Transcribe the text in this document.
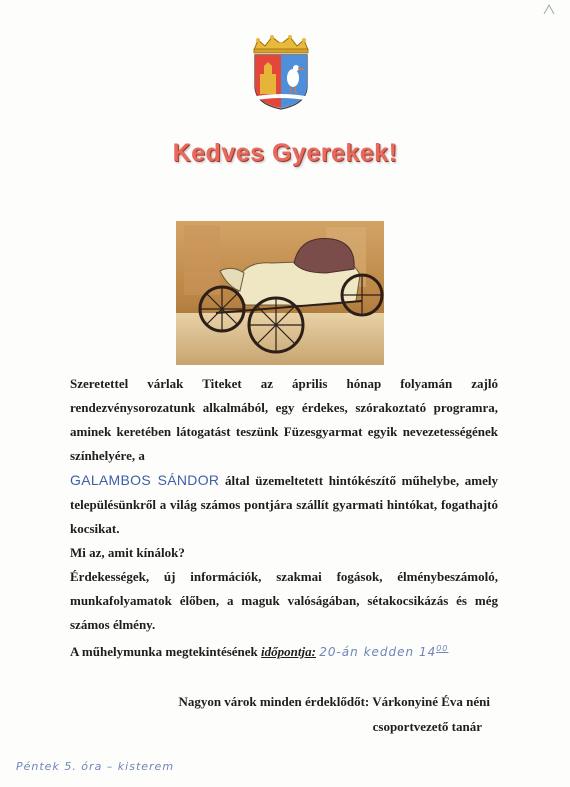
Kedves Gyerekek!

Szeretettel várlak Titeket az április hónap folyamán zajló rendezvénysorozatunk alkalmából, egy érdekes, szórakoztató programra, aminek keretében látogatást teszünk Füzesgyarmat egyik nevezetességének színhelyére, a

GALAMBOS SÁNDOR által üzemeltetett hintókészítő műhelybe, amely településünkről a világ számos pontjára szállít gyarmati hintókat, fogathajtó kocsikat.

Mi az, amit kínálok?

Érdekességek, új információk, szakmai fogások, élménybeszámoló, munkafolyamatok élőben, a maguk valóságában, sétakocsikázás és még számos élmény.

A műhelymunka megtekintésének időpontja: 20-án kedden $14^{00}$

Nagyon várok minden érdeklődőt: Várkonyiné Éva néni
csoportvezető tanár
Péntek 5. óra – kisterem
